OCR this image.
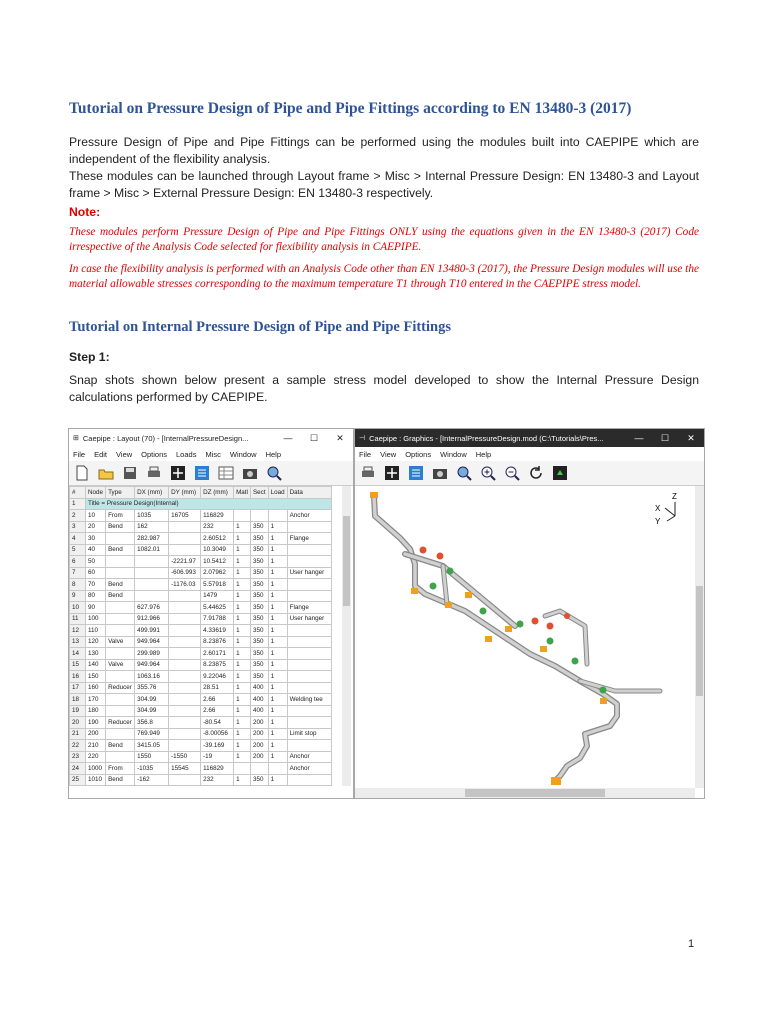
Tutorial on Pressure Design of Pipe and Pipe Fittings according to EN 13480-3 (2017)
Pressure Design of Pipe and Pipe Fittings can be performed using the modules built into CAEPIPE which are independent of the flexibility analysis.
These modules can be launched through Layout frame > Misc > Internal Pressure Design: EN 13480-3 and Layout frame > Misc > External Pressure Design: EN 13480-3 respectively.
Note:
These modules perform Pressure Design of Pipe and Pipe Fittings ONLY using the equations given in the EN 13480-3 (2017) Code irrespective of the Analysis Code selected for flexibility analysis in CAEPIPE.
In case the flexibility analysis is performed with an Analysis Code other than EN 13480-3 (2017), the Pressure Design modules will use the material allowable stresses corresponding to the maximum temperature T1 through T10 entered in the CAEPIPE stress model.
Tutorial on Internal Pressure Design of Pipe and Pipe Fittings
Step 1:
Snap shots shown below present a sample stress model developed to show the Internal Pressure Design calculations performed by CAEPIPE.
⊞ Caepipe : Layout (70) - [InternalPressureDesign...	—	☐	✕
File Edit View Options Loads Misc Window Help
#	Node	Type	DX (mm)	DY (mm)	DZ (mm)	Matl	Sect	Load	Data
1	Title = Pressure Design(Internal)								
2	10	From	1035	16705	116829				Anchor
3	20	Bend	162		232	1	350	1	
4	30		282.987		2.60512	1	350	1	Flange
5	40	Bend	1082.01		10.3049	1	350	1	
6	50			-2221.97	10.5412	1	350	1	
7	60			-606.993	2.07962	1	350	1	User hanger
8	70	Bend		-1176.03	5.57918	1	350	1	
9	80	Bend			1479	1	350	1	
10	90		627.976		5.44625	1	350	1	Flange
11	100		912.966		7.91788	1	350	1	User hanger
12	110		499.991		4.33619	1	350	1	
13	120	Valve	949.964		8.23876	1	350	1	
14	130		299.989		2.60171	1	350	1	
15	140	Valve	949.964		8.23875	1	350	1	
16	150		1063.16		9.22046	1	350	1	
17	160	Reducer	355.76		28.51	1	400	1	
18	170		304.99		2.66	1	400	1	Welding tee
19	180		304.99		2.66	1	400	1	
20	190	Reducer	356.8		-80.54	1	200	1	
21	200		769.949		-8.00056	1	200	1	Limit stop
22	210	Bend	3415.05		-39.169	1	200	1	
23	220		1550	-1550	-19	1	200	1	Anchor
24	1000	From	-1035	15545	116829				Anchor
25	1010	Bend	-162		232	1	350	1	
⊣ Caepipe : Graphics - [InternalPressureDesign.mod (C:\Tutorials\Pres...	—	☐	✕
File View Options Window Help
Z
X
Y
1
